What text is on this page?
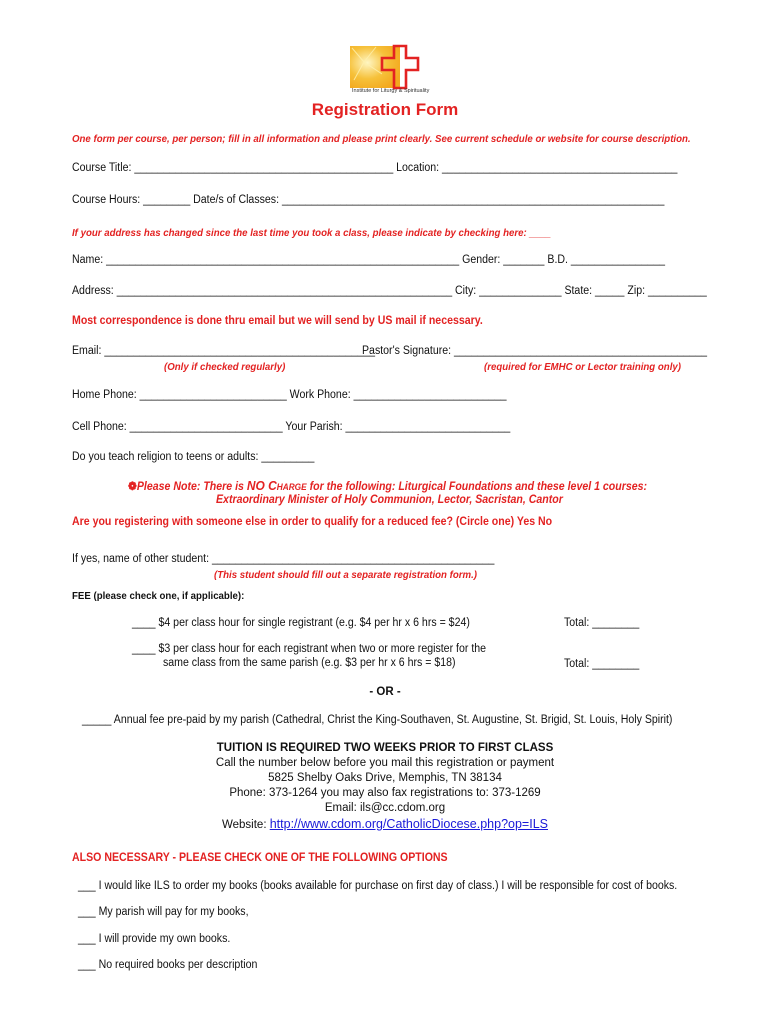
Institute for Liturgy & Spirituality
Registration Form
One form per course, per person; fill in all information and please print clearly. See current schedule or website for course description.
Course Title: ____________________________________________ Location: ________________________________________
Course Hours: ________ Date/s of Classes: _________________________________________________________________
If your address has changed since the last time you took a class, please indicate by checking here: ____
Name: ____________________________________________________________ Gender: _______ B.D. ________________
Address: _________________________________________________________ City: ______________ State: _____ Zip: __________
Most correspondence is done thru email but we will send by US mail if necessary.
Email: ______________________________________________
(Only if checked regularly)
Pastor's Signature: ___________________________________________
(required for EMHC or Lector training only)
Home Phone: _________________________ Work Phone: __________________________
Cell Phone: __________________________ Your Parish: ____________________________
Do you teach religion to teens or adults: _________
❁Please Note: There is NO CHARGE for the following: Liturgical Foundations and these level 1 courses:
Extraordinary Minister of Holy Communion, Lector, Sacristan, Cantor
Are you registering with someone else in order to qualify for a reduced fee? (Circle one) Yes No
If yes, name of other student: ________________________________________________
(This student should fill out a separate registration form.)
FEE (please check one, if applicable):
____ $4 per class hour for single registrant (e.g. $4 per hr x 6 hrs = $24)	Total: ________
____ $3 per class hour for each registrant when two or more register for the
same class from the same parish (e.g. $3 per hr x 6 hrs = $18)	Total: ________
- OR -
_____ Annual fee pre-paid by my parish (Cathedral, Christ the King-Southaven, St. Augustine, St. Brigid, St. Louis, Holy Spirit)
TUITION IS REQUIRED TWO WEEKS PRIOR TO FIRST CLASS
Call the number below before you mail this registration or payment
5825 Shelby Oaks Drive, Memphis, TN 38134
Phone: 373-1264 you may also fax registrations to: 373-1269
Email: ils@cc.cdom.org
Website: http://www.cdom.org/CatholicDiocese.php?op=ILS
ALSO NECESSARY - PLEASE CHECK ONE OF THE FOLLOWING OPTIONS
___ I would like ILS to order my books (books available for purchase on first day of class.) I will be responsible for cost of books.
___ My parish will pay for my books,
___ I will provide my own books.
___ No required books per description
